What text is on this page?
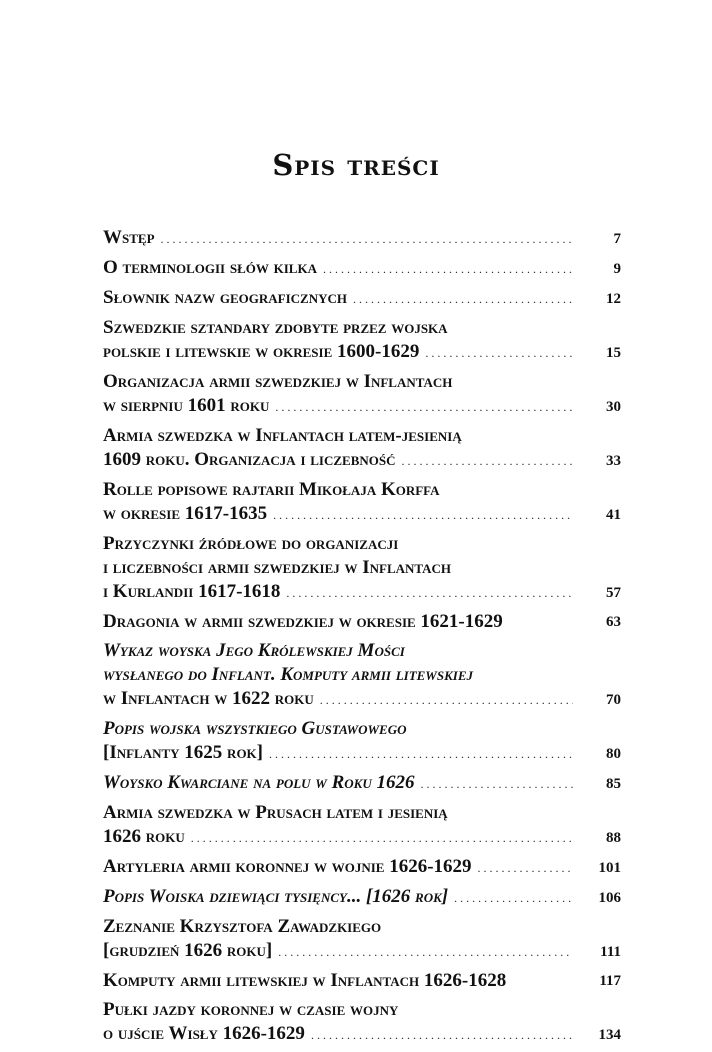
Spis treści
Wstęp .....	7
O terminologii słów kilka .....	9
Słownik nazw geograficznych .....	12
Szwedzkie sztandary zdobyte przez wojska
polskie i litewskie w okresie 1600-1629 .....	15
Organizacja armii szwedzkiej w Inflantach
w sierpniu 1601 roku .....	30
Armia szwedzka w Inflantach latem-jesienią
1609 roku. Organizacja i liczebność .....	33
Rolle popisowe rajtarii Mikołaja Korffa
w okresie 1617-1635 .....	41
Przyczynki źródłowe do organizacji
i liczebności armii szwedzkiej w Inflantach
i Kurlandii 1617-1618 .....	57
Dragonia w armii szwedzkiej w okresie 1621-1629	63
Wykaz woyska Jego Królewskiej Mości
wysłanego do Inflant. Komputy armii litewskiej
w Inflantach w 1622 roku .....	70
Popis wojska wszystkiego Gustawowego
[Inflanty 1625 rok] .....	80
Woysko Kwarciane na polu w Roku 1626 .....	85
Armia szwedzka w Prusach latem i jesienią
1626 roku .....	88
Artyleria armii koronnej w wojnie 1626-1629 .....	101
Popis Woiska dziewiąci tysięncy... [1626 rok] .....	106
Zeznanie Krzysztofa Zawadzkiego
[grudzień 1626 roku] .....	111
Komputy armii litewskiej w Inflantach 1626-1628	117
Pułki jazdy koronnej w czasie wojny
o ujście Wisły 1626-1629 .....	134
